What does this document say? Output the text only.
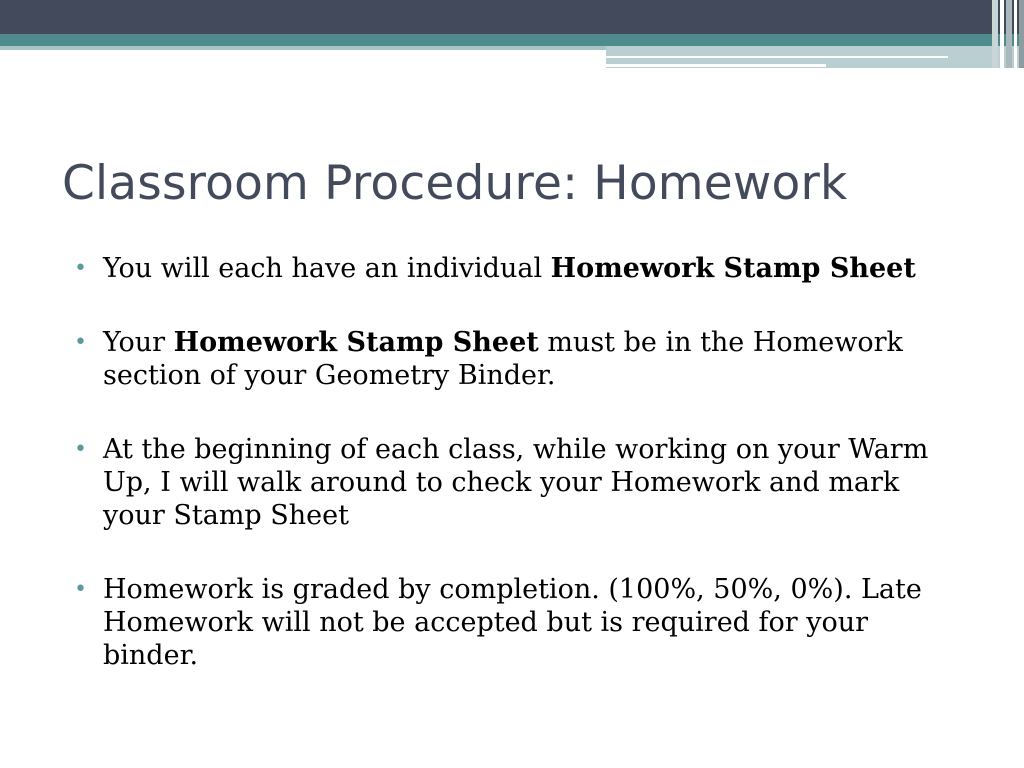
Classroom Procedure: Homework
• You will each have an individual Homework Stamp Sheet
• Your Homework Stamp Sheet must be in the Homework section of your Geometry Binder.
• At the beginning of each class, while working on your Warm Up, I will walk around to check your Homework and mark your Stamp Sheet
• Homework is graded by completion. (100%, 50%, 0%). Late Homework will not be accepted but is required for your binder.
